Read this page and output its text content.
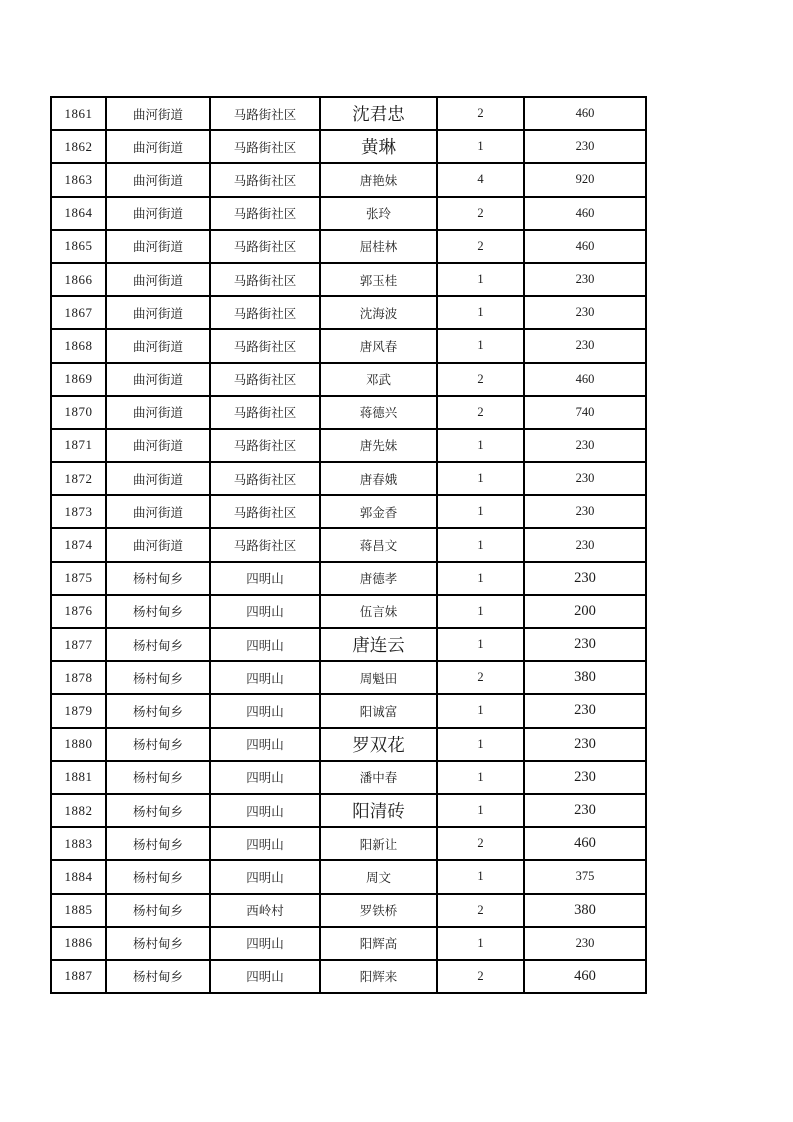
1861	曲河街道	马路街社区	沈君忠	2	460
1862	曲河街道	马路街社区	黄琳	1	230
1863	曲河街道	马路街社区	唐艳妹	4	920
1864	曲河街道	马路街社区	张玲	2	460
1865	曲河街道	马路街社区	屈桂林	2	460
1866	曲河街道	马路街社区	郭玉桂	1	230
1867	曲河街道	马路街社区	沈海波	1	230
1868	曲河街道	马路街社区	唐风春	1	230
1869	曲河街道	马路街社区	邓武	2	460
1870	曲河街道	马路街社区	蒋德兴	2	740
1871	曲河街道	马路街社区	唐先妹	1	230
1872	曲河街道	马路街社区	唐春娥	1	230
1873	曲河街道	马路街社区	郭金香	1	230
1874	曲河街道	马路街社区	蒋昌文	1	230
1875	杨村甸乡	四明山	唐德孝	1	230
1876	杨村甸乡	四明山	伍言妹	1	200
1877	杨村甸乡	四明山	唐连云	1	230
1878	杨村甸乡	四明山	周魁田	2	380
1879	杨村甸乡	四明山	阳诚富	1	230
1880	杨村甸乡	四明山	罗双花	1	230
1881	杨村甸乡	四明山	潘中春	1	230
1882	杨村甸乡	四明山	阳清砖	1	230
1883	杨村甸乡	四明山	阳新让	2	460
1884	杨村甸乡	四明山	周文	1	375
1885	杨村甸乡	西岭村	罗铁桥	2	380
1886	杨村甸乡	四明山	阳辉高	1	230
1887	杨村甸乡	四明山	阳辉来	2	460
